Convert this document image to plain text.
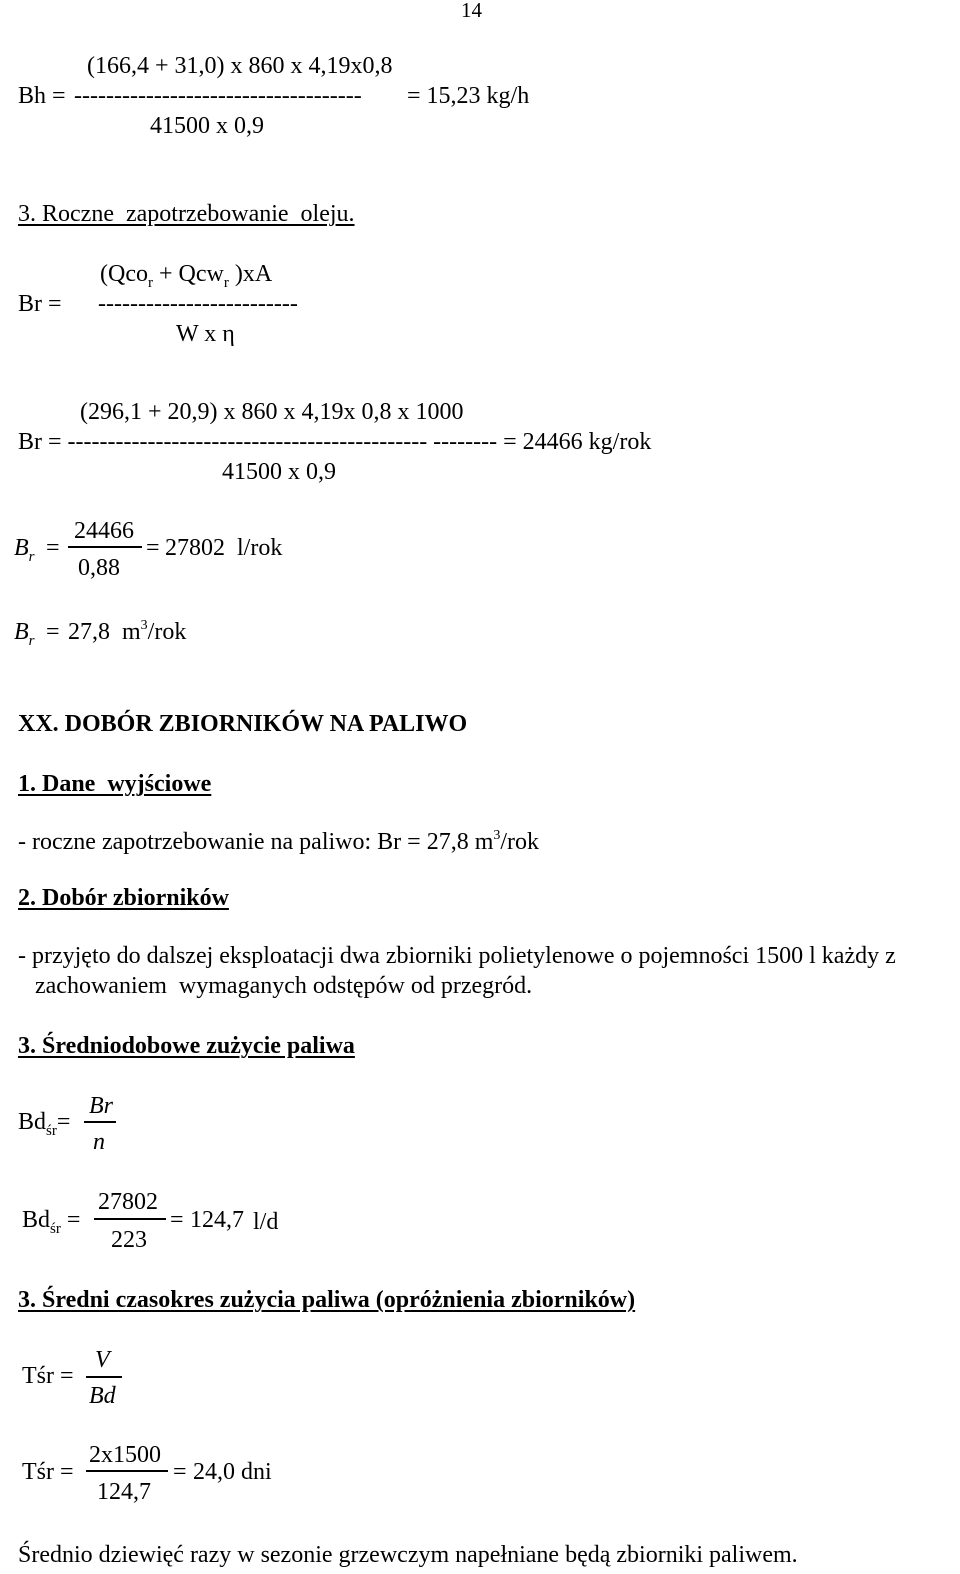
14
(166,4 + 31,0) x 860 x 4,19x0,8
Bh = ------------------------------------ = 15,23 kg/h
41500 x 0,9
3. Roczne  zapotrzebowanie  oleju.
(Qco$_r$ + Qcw$_r$ )xA
Br = -------------------------
W x η
(296,1 + 20,9) x 860 x 4,19x 0,8 x 1000
Br = --------------------------------------------- -------- = 24466 kg/rok
41500 x 0,9
$B_r$ =
24466
0,88
= 27802  l/rok
$B_r = 27,8$  $m^3$/rok
XX. DOBÓR ZBIORNIKÓW NA PALIWO
1. Dane  wyjściowe
- roczne zapotrzebowanie na paliwo: Br = 27,8 $m^3$/rok
2. Dobór zbiorników
- przyjęto do dalszej eksploatacji dwa zbiorniki polietylenowe o pojemności 1500 l każdy z
zachowaniem  wymaganych odstępów od przegród.
3. Średniodobowe zużycie paliwa
$Bd_{śr}=$
Br
n
$Bd_{śr}$ =
27802
223
= 124,7 l/d
3. Średni czasokres zużycia paliwa (opróżnienia zbiorników)
Tśr =
V
Bd
Tśr =
2x1500
124,7
= 24,0 dni
Średnio dziewięć razy w sezonie grzewczym napełniane będą zbiorniki paliwem.
